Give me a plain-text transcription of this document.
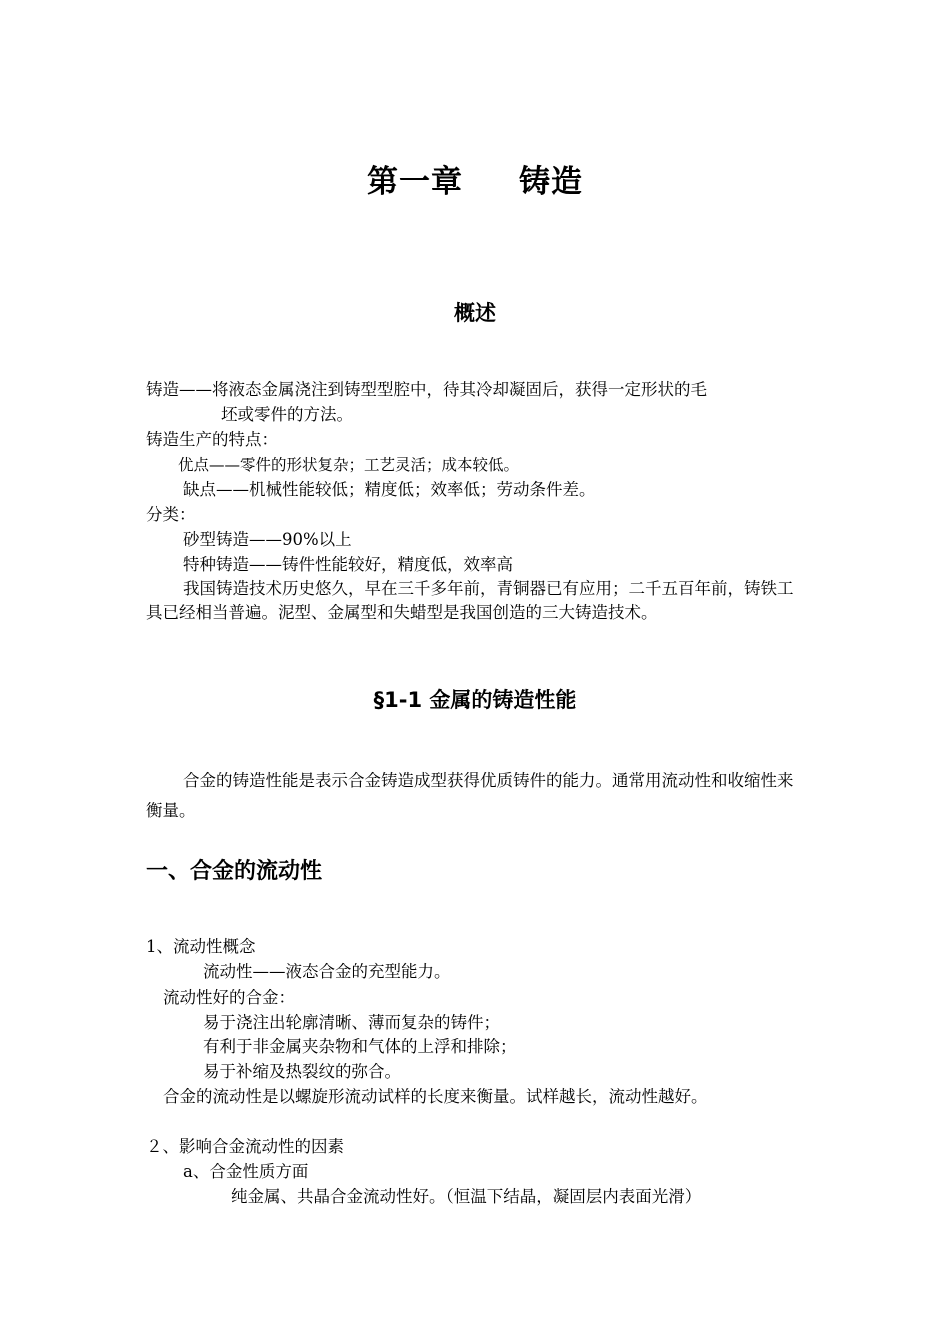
第一章 铸造
概述
铸造——将液态金属浇注到铸型型腔中，待其冷却凝固后，获得一定形状的毛
坯或零件的方法。
铸造生产的特点：
优点——零件的形状复杂；工艺灵活；成本较低。
缺点——机械性能较低；精度低；效率低；劳动条件差。
分类：
砂型铸造——90%以上
特种铸造——铸件性能较好，精度低，效率高
我国铸造技术历史悠久，早在三千多年前，青铜器已有应用；二千五百年前，铸铁工具已经相当普遍。泥型、金属型和失蜡型是我国创造的三大铸造技术。
§1-1 金属的铸造性能
合金的铸造性能是表示合金铸造成型获得优质铸件的能力。通常用流动性和收缩性来衡量。
一、合金的流动性
1、流动性概念
流动性——液态合金的充型能力。
流动性好的合金：
易于浇注出轮廓清晰、薄而复杂的铸件；
有利于非金属夹杂物和气体的上浮和排除；
易于补缩及热裂纹的弥合。
合金的流动性是以螺旋形流动试样的长度来衡量。试样越长，流动性越好。
２、影响合金流动性的因素
a、合金性质方面
纯金属、共晶合金流动性好。（恒温下结晶，凝固层内表面光滑）
